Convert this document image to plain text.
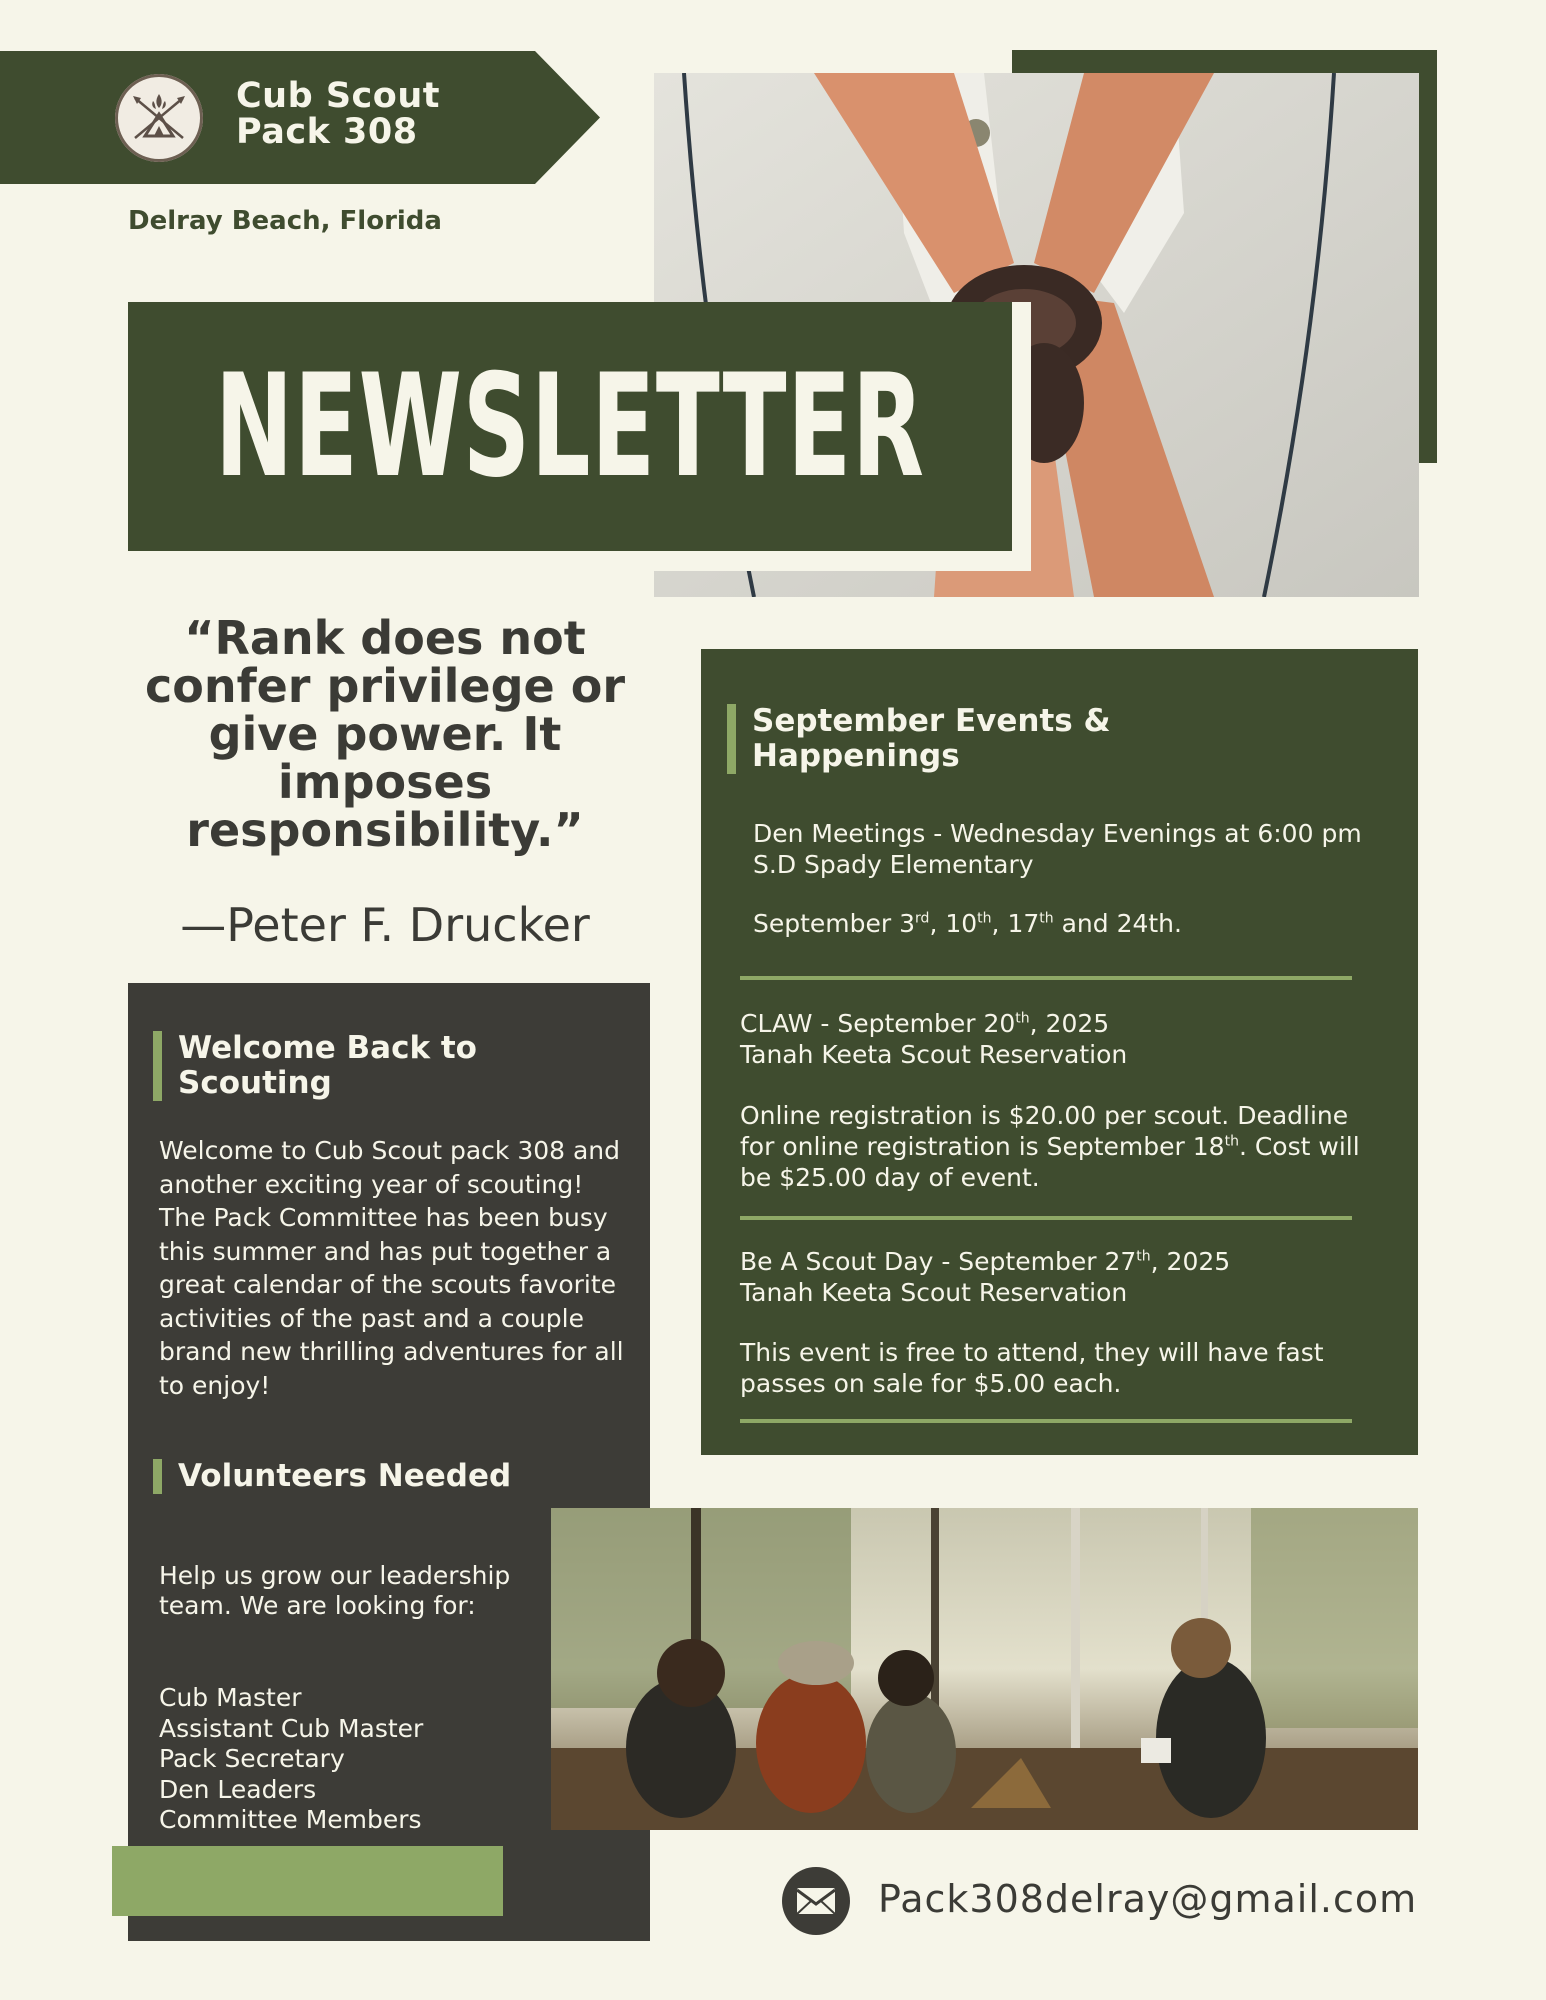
Cub Scout
Pack 308
Delray Beach, Florida
NEWSLETTER
“Rank does not confer privilege or give power. It imposes responsibility.”
—Peter F. Drucker
Welcome Back to Scouting
Welcome to Cub Scout pack 308 and another exciting year of scouting! The Pack Committee has been busy this summer and has put together a great calendar of the scouts favorite activities of the past and a couple brand new thrilling adventures for all to enjoy!
Volunteers Needed
Help us grow our leadership team. We are looking for:
Cub Master
Assistant Cub Master
Pack Secretary
Den Leaders
Committee Members
September Events & Happenings
Den Meetings - Wednesday Evenings at 6:00 pm
S.D Spady Elementary
September 3rd, 10th, 17th and 24th.
CLAW - September 20th, 2025
Tanah Keeta Scout Reservation
Online registration is $20.00 per scout. Deadline for online registration is September 18th. Cost will be $25.00 day of event.
Be A Scout Day - September 27th, 2025
Tanah Keeta Scout Reservation
This event is free to attend, they will have fast passes on sale for $5.00 each.
Pack308delray@gmail.com
